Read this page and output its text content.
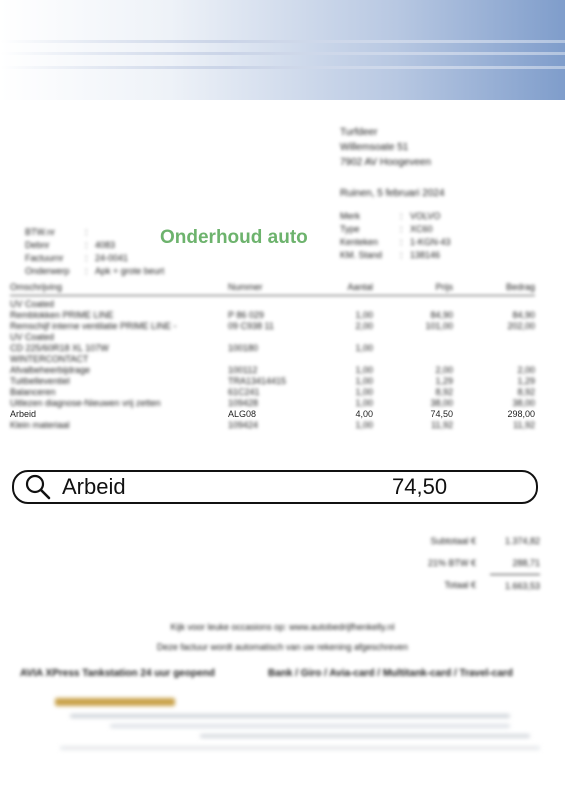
Turfdeer
Willemsoate 51
7902 AV Hoogeveen
Ruinen, 5 februari 2024
BTW.nr	:
Debnr	: 4083
Factuurnr	: 24-0041
Onderwerp	: Apk + grote beurt
Merk	: VOLVO
Type	: XC60
Kenteken	: 1-KGN-43
KM. Stand	: 138146
Onderhoud auto
Omschrijving	Nummer	Aantal	Prijs	Bedrag
UV Coated
Remblokken PRIME LINE	P 86 029	1,00	84,90	84,90
Remschijf interne ventilatie PRIME LINE -	09 C938 11	2,00	101,00	202,00
UV Coated
CD 225/60R18 XL 107W	100180	1,00
WINTERCONTACT
Afvalbeheerbijdrage	100112	1,00	2,00	2,00
Tuitbelleventiel	TRA13414415	1,00	1,29	1,29
Balanceren	61C241	1,00	8,92	8,92
Uitlezen diagnose-Nieuwen vrij zetten	109428	1,00	38,00	38,00
Arbeid	ALG08	4,00	74,50	298,00
Klein materiaal	109424	1,00	11,92	11,92
Arbeid	74,50
Subtotaal €	1.374,82
21% BTW €	288,71
Totaal €	1.663,53
Kijk voor leuke occasions op: www.autobedrijfhenkelly.nl
Deze factuur wordt automatisch van uw rekening afgeschreven
AVIA XPress Tankstation 24 uur geopend	Bank / Giro / Avia-card / Multitank-card / Travel-card
